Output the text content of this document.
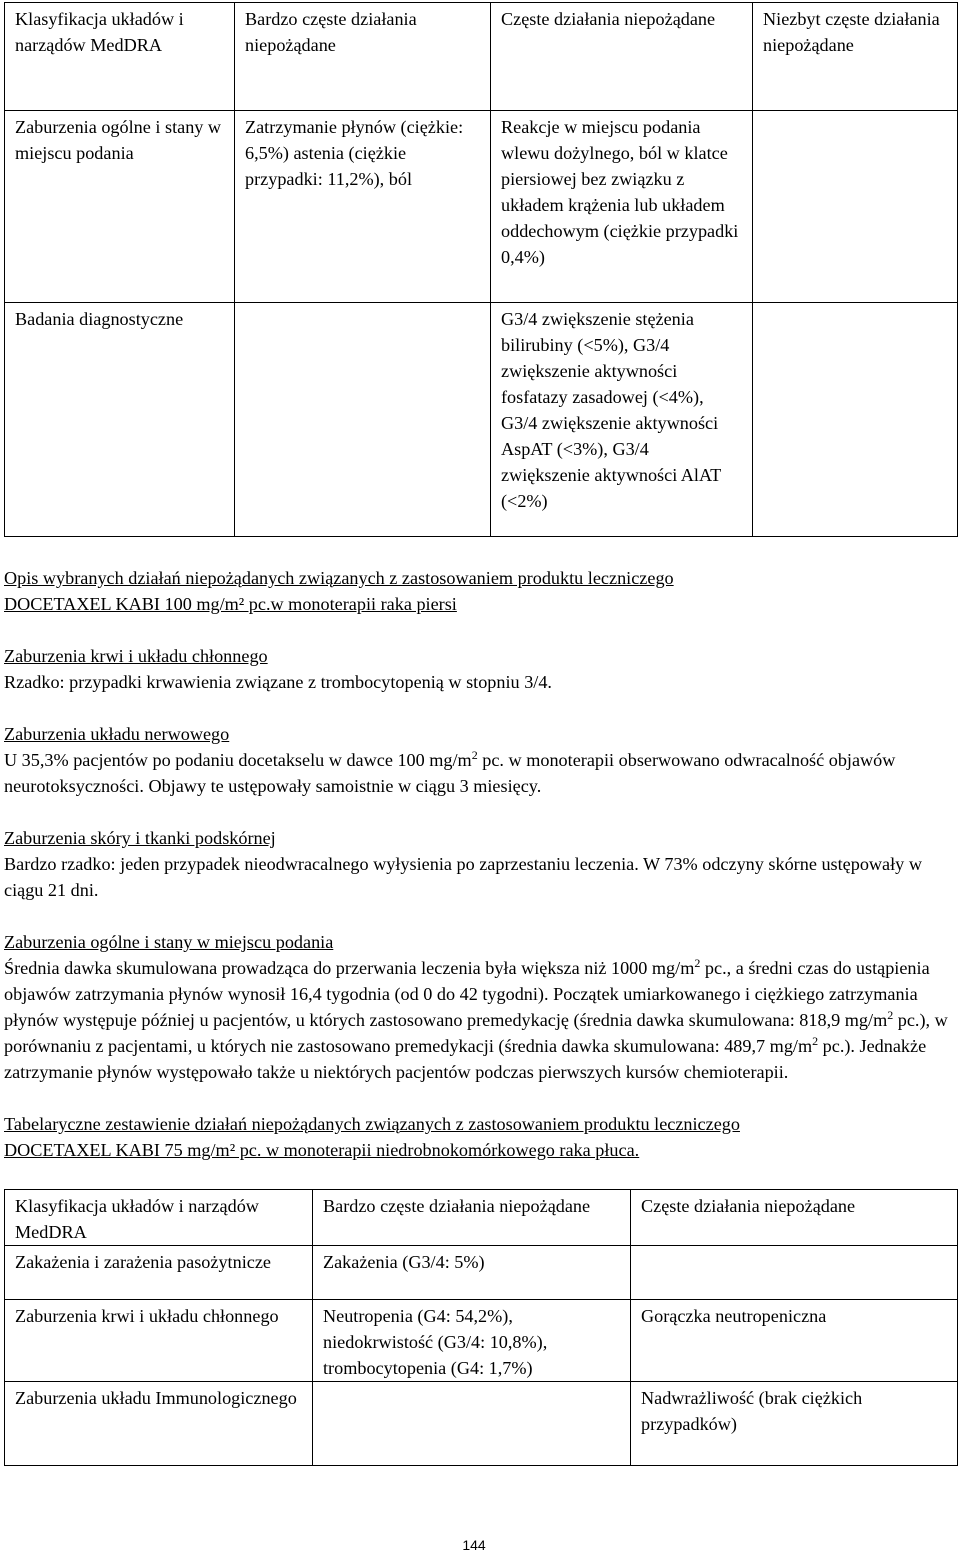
Klasyfikacja układów i narządów MedDRA	Bardzo częste działania niepożądane	Częste działania niepożądane	Niezbyt częste działania niepożądane
Zaburzenia ogólne i stany w miejscu podania	Zatrzymanie płynów (ciężkie: 6,5%) astenia (ciężkie przypadki: 11,2%), ból	Reakcje w miejscu podania wlewu dożylnego, ból w klatce piersiowej bez związku z układem krążenia lub układem oddechowym (ciężkie przypadki 0,4%)	
Badania diagnostyczne		G3/4 zwiększenie stężenia bilirubiny (<5%), G3/4 zwiększenie aktywności fosfatazy zasadowej (<4%), G3/4 zwiększenie aktywności AspAT (<3%), G3/4 zwiększenie aktywności AlAT (<2%)	
Opis wybranych działań niepożądanych związanych z zastosowaniem produktu leczniczego
DOCETAXEL KABI 100 mg/m² pc.w monoterapii raka piersi
Zaburzenia krwi i układu chłonnego
Rzadko: przypadki krwawienia związane z trombocytopenią w stopniu 3/4.
Zaburzenia układu nerwowego
U 35,3% pacjentów po podaniu docetakselu w dawce 100 $mg/m^2$ pc. w monoterapii obserwowano odwracalność objawów neurotoksyczności. Objawy te ustępowały samoistnie w ciągu 3 miesięcy.
Zaburzenia skóry i tkanki podskórnej
Bardzo rzadko: jeden przypadek nieodwracalnego wyłysienia po zaprzestaniu leczenia. W 73% odczyny skórne ustępowały w ciągu 21 dni.
Zaburzenia ogólne i stany w miejscu podania
Średnia dawka skumulowana prowadząca do przerwania leczenia była większa niż 1000 $mg/m^2$ pc., a średni czas do ustąpienia objawów zatrzymania płynów wynosił 16,4 tygodnia (od 0 do 42 tygodni). Początek umiarkowanego i ciężkiego zatrzymania płynów występuje później u pacjentów, u których zastosowano premedykację (średnia dawka skumulowana: 818,9 $mg/m^2$ pc.), w porównaniu z pacjentami, u których nie zastosowano premedykacji (średnia dawka skumulowana: 489,7 $mg/m^2$ pc.). Jednakże zatrzymanie płynów występowało także u niektórych pacjentów podczas pierwszych kursów chemioterapii.
Tabelaryczne zestawienie działań niepożądanych związanych z zastosowaniem produktu leczniczego
DOCETAXEL KABI 75 mg/m² pc. w monoterapii niedrobnokomórkowego raka płuca.
Klasyfikacja układów i narządów MedDRA	Bardzo częste działania niepożądane	Częste działania niepożądane
Zakażenia i zarażenia pasożytnicze	Zakażenia (G3/4: 5%)	
Zaburzenia krwi i układu chłonnego	Neutropenia (G4: 54,2%), niedokrwistość (G3/4: 10,8%), trombocytopenia (G4: 1,7%)	Gorączka neutropeniczna
Zaburzenia układu Immunologicznego		Nadwrażliwość (brak ciężkich przypadków)
144
